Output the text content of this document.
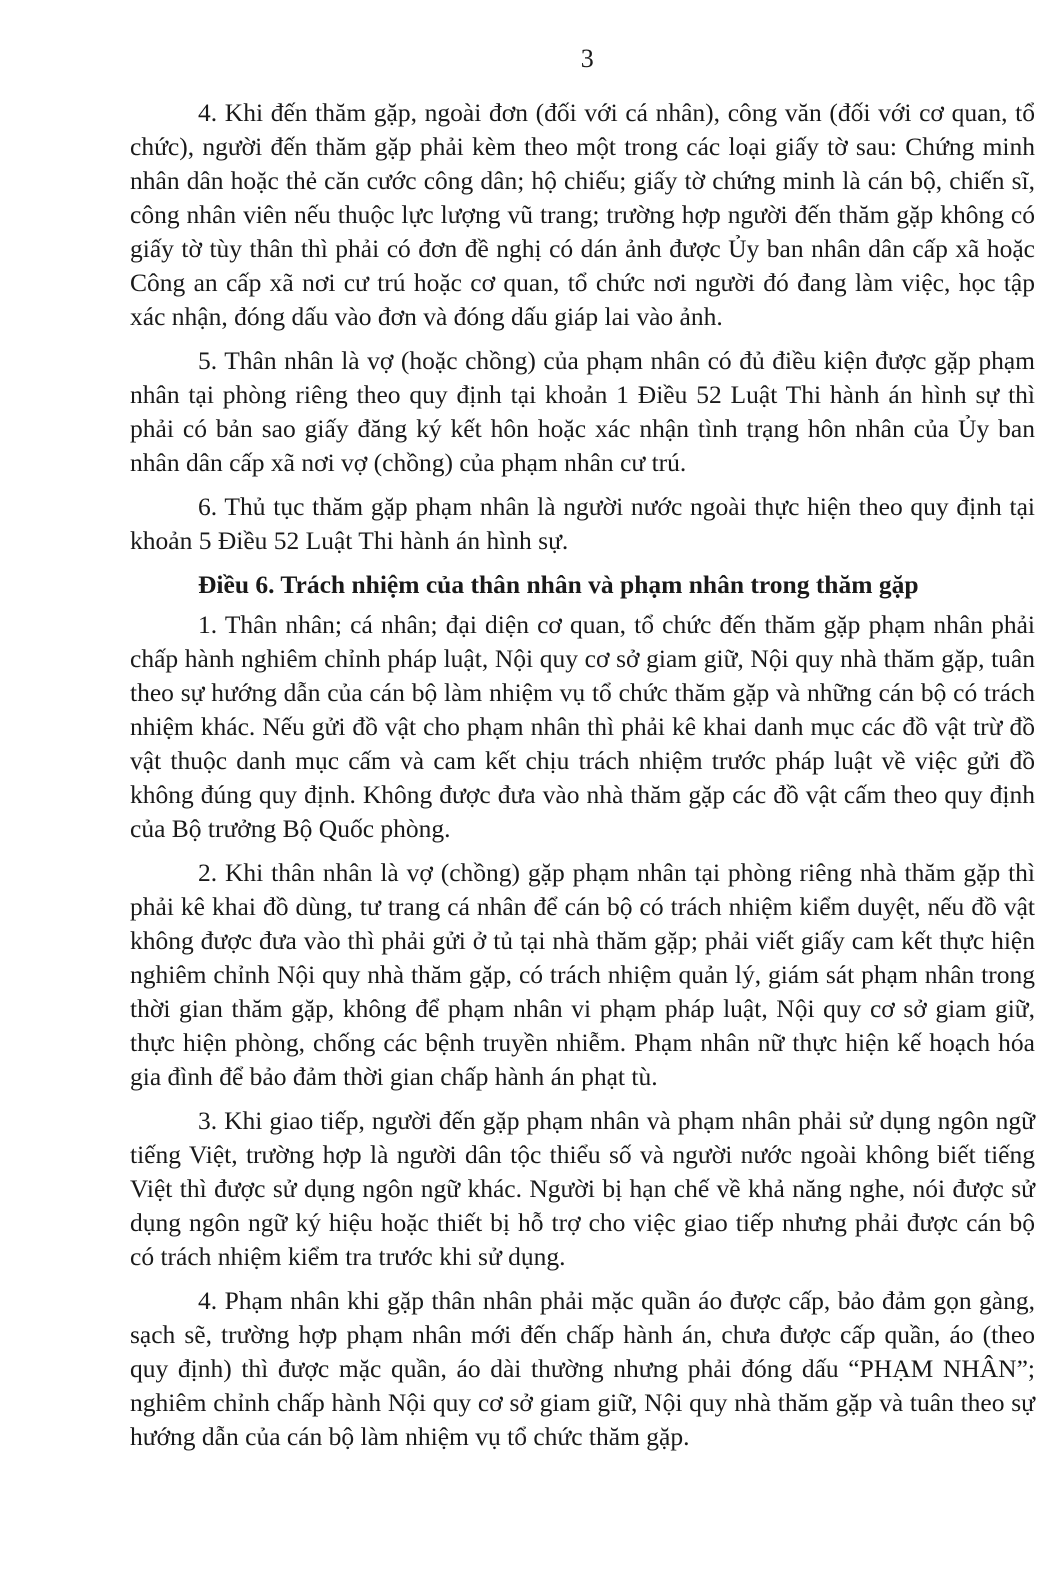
3

4. Khi đến thăm gặp, ngoài đơn (đối với cá nhân), công văn (đối với cơ quan, tổ chức), người đến thăm gặp phải kèm theo một trong các loại giấy tờ sau: Chứng minh nhân dân hoặc thẻ căn cước công dân; hộ chiếu; giấy tờ chứng minh là cán bộ, chiến sĩ, công nhân viên nếu thuộc lực lượng vũ trang; trường hợp người đến thăm gặp không có giấy tờ tùy thân thì phải có đơn đề nghị có dán ảnh được Ủy ban nhân dân cấp xã hoặc Công an cấp xã nơi cư trú hoặc cơ quan, tổ chức nơi người đó đang làm việc, học tập xác nhận, đóng dấu vào đơn và đóng dấu giáp lai vào ảnh.

5. Thân nhân là vợ (hoặc chồng) của phạm nhân có đủ điều kiện được gặp phạm nhân tại phòng riêng theo quy định tại khoản 1 Điều 52 Luật Thi hành án hình sự thì phải có bản sao giấy đăng ký kết hôn hoặc xác nhận tình trạng hôn nhân của Ủy ban nhân dân cấp xã nơi vợ (chồng) của phạm nhân cư trú.

6. Thủ tục thăm gặp phạm nhân là người nước ngoài thực hiện theo quy định tại khoản 5 Điều 52 Luật Thi hành án hình sự.

Điều 6. Trách nhiệm của thân nhân và phạm nhân trong thăm gặp

1. Thân nhân; cá nhân; đại diện cơ quan, tổ chức đến thăm gặp phạm nhân phải chấp hành nghiêm chỉnh pháp luật, Nội quy cơ sở giam giữ, Nội quy nhà thăm gặp, tuân theo sự hướng dẫn của cán bộ làm nhiệm vụ tổ chức thăm gặp và những cán bộ có trách nhiệm khác. Nếu gửi đồ vật cho phạm nhân thì phải kê khai danh mục các đồ vật trừ đồ vật thuộc danh mục cấm và cam kết chịu trách nhiệm trước pháp luật về việc gửi đồ không đúng quy định. Không được đưa vào nhà thăm gặp các đồ vật cấm theo quy định của Bộ trưởng Bộ Quốc phòng.

2. Khi thân nhân là vợ (chồng) gặp phạm nhân tại phòng riêng nhà thăm gặp thì phải kê khai đồ dùng, tư trang cá nhân để cán bộ có trách nhiệm kiểm duyệt, nếu đồ vật không được đưa vào thì phải gửi ở tủ tại nhà thăm gặp; phải viết giấy cam kết thực hiện nghiêm chỉnh Nội quy nhà thăm gặp, có trách nhiệm quản lý, giám sát phạm nhân trong thời gian thăm gặp, không để phạm nhân vi phạm pháp luật, Nội quy cơ sở giam giữ, thực hiện phòng, chống các bệnh truyền nhiễm. Phạm nhân nữ thực hiện kế hoạch hóa gia đình để bảo đảm thời gian chấp hành án phạt tù.

3. Khi giao tiếp, người đến gặp phạm nhân và phạm nhân phải sử dụng ngôn ngữ tiếng Việt, trường hợp là người dân tộc thiểu số và người nước ngoài không biết tiếng Việt thì được sử dụng ngôn ngữ khác. Người bị hạn chế về khả năng nghe, nói được sử dụng ngôn ngữ ký hiệu hoặc thiết bị hỗ trợ cho việc giao tiếp nhưng phải được cán bộ có trách nhiệm kiểm tra trước khi sử dụng.

4. Phạm nhân khi gặp thân nhân phải mặc quần áo được cấp, bảo đảm gọn gàng, sạch sẽ, trường hợp phạm nhân mới đến chấp hành án, chưa được cấp quần, áo (theo quy định) thì được mặc quần, áo dài thường nhưng phải đóng dấu “PHẠM NHÂN”; nghiêm chỉnh chấp hành Nội quy cơ sở giam giữ, Nội quy nhà thăm gặp và tuân theo sự hướng dẫn của cán bộ làm nhiệm vụ tổ chức thăm gặp.
